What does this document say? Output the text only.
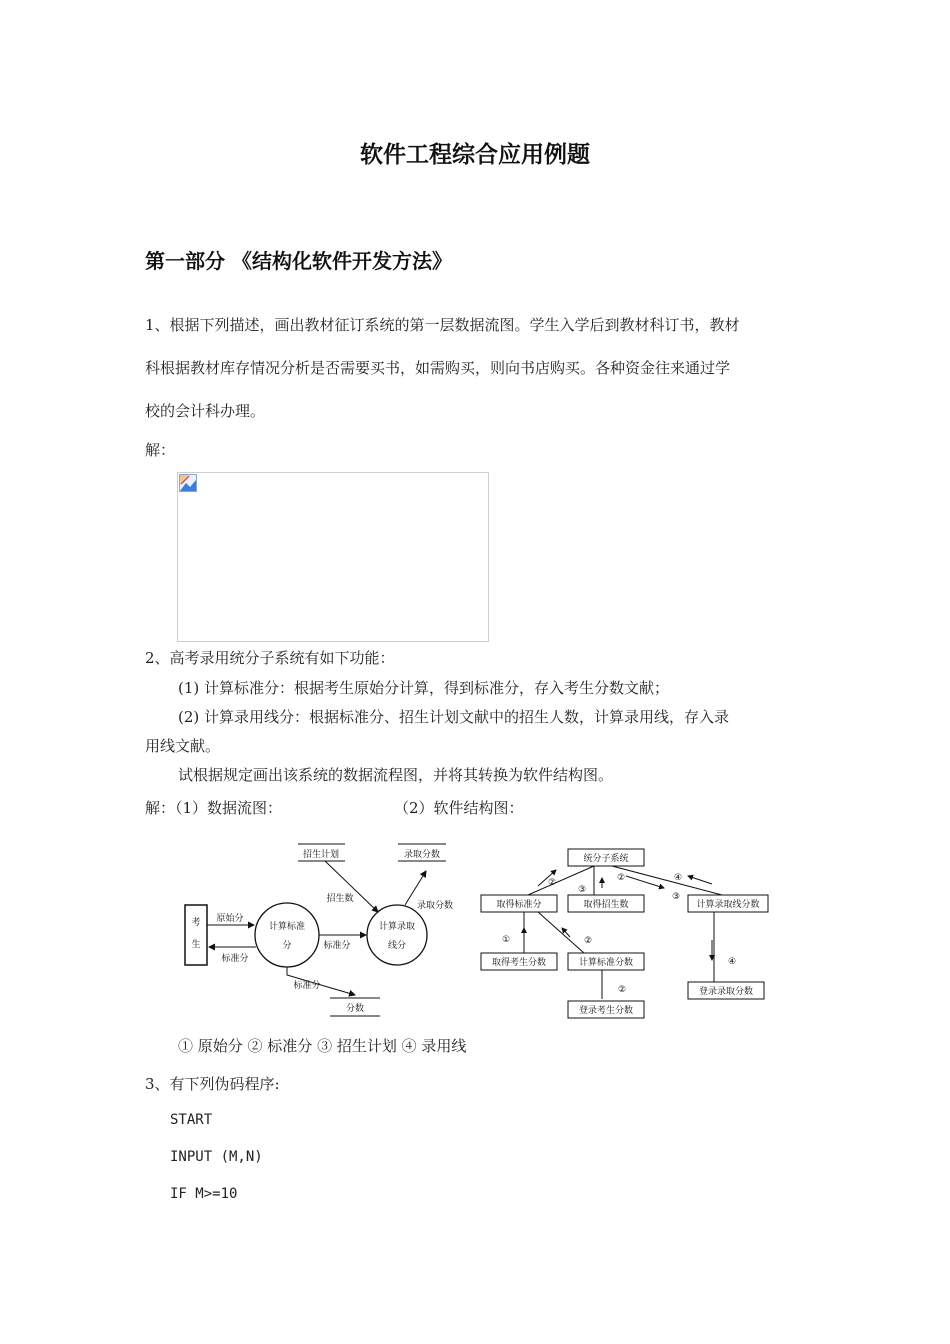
软件工程综合应用例题
第一部分 《结构化软件开发方法》
1、根据下列描述，画出教材征订系统的第一层数据流图。学生入学后到教材科订书，教材
科根据教材库存情况分析是否需要买书，如需购买，则向书店购买。各种资金往来通过学
校的会计科办理。
解：
2、高考录用统分子系统有如下功能：
(1) 计算标准分：根据考生原始分计算，得到标准分，存入考生分数文献；
(2) 计算录用线分：根据标准分、招生计划文献中的招生人数，计算录用线，存入录
用线文献。
试根据规定画出该系统的数据流程图，并将其转换为软件结构图。
解：（1）数据流图：	（2）软件结构图：
招生计划	录取分数
分数
考
生
计算标准
分
计算录取
线分
原始分
标准分
标准分
招生数
录取分数
标准分
统分子系统
取得标准分	取得招生数	计算录取线分数
取得考生分数	计算标准分数
登录考生分数
登录录取分数
②
③
②	④
③
①	②
②
④
① 原始分 ② 标准分 ③ 招生计划 ④ 录用线
3、有下列伪码程序:
START
INPUT (M,N)
IF M>=10
